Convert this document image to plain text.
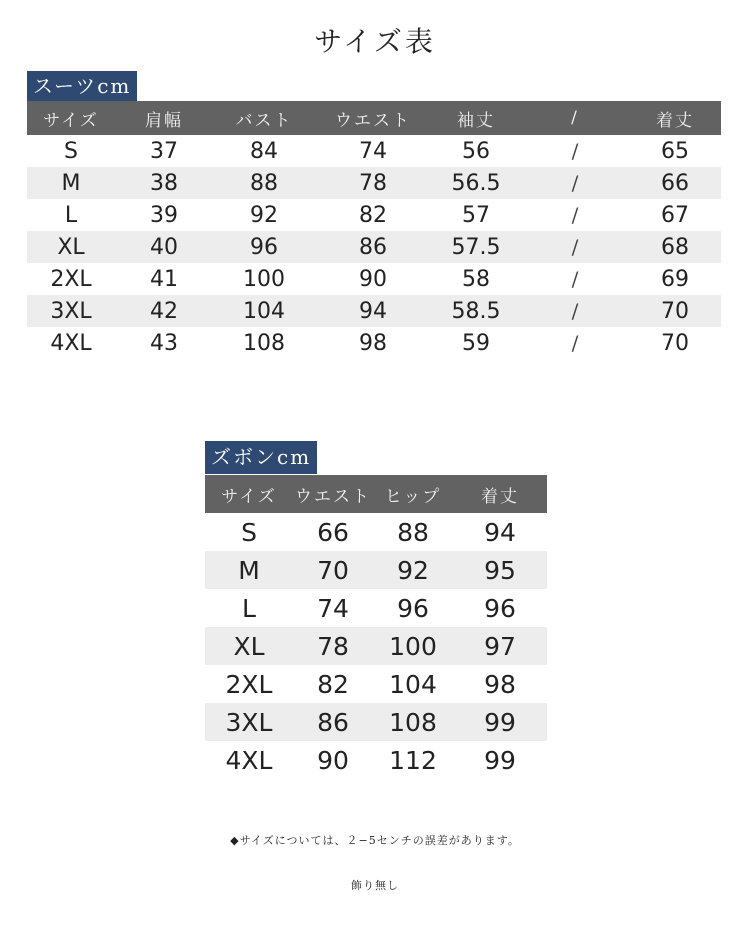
サイズ表
スーツcm
サイズ	肩幅	バスト	ウエスト	袖丈	/	着丈
S	37	84	74	56	/	65
M	38	88	78	56.5	/	66
L	39	92	82	57	/	67
XL	40	96	86	57.5	/	68
2XL	41	100	90	58	/	69
3XL	42	104	94	58.5	/	70
4XL	43	108	98	59	/	70
ズボンcm
サイズ	ウエスト	ヒップ	着丈
S	66	88	94
M	70	92	95
L	74	96	96
XL	78	100	97
2XL	82	104	98
3XL	86	108	99
4XL	90	112	99
◆サイズについては、２−5センチの誤差があります。
飾り無し
